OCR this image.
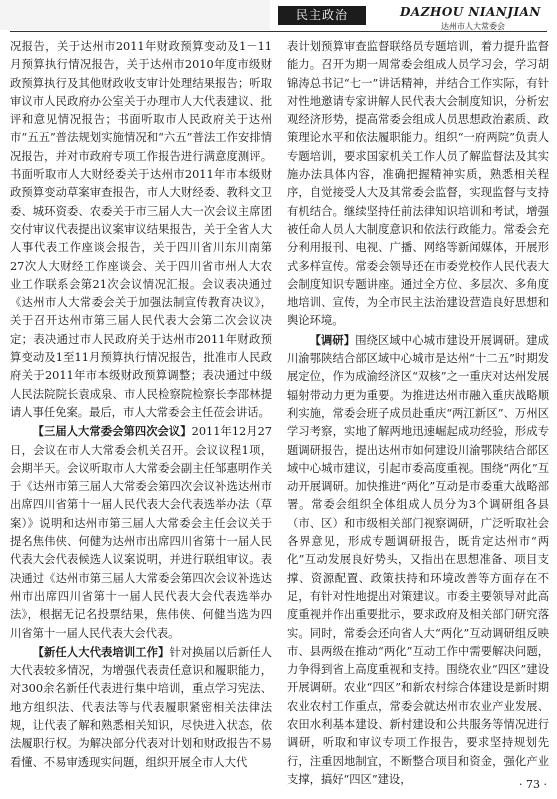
民主政治	DAZHOU NIANJIAN
达州市人大常委会

况报告，关于达州市2011年财政预算变动及1－11月预算执行情况报告，关于达州市2010年度市级财政预算执行及其他财政收支审计处理结果报告；听取审议市人民政府办公室关于办理市人大代表建议、批评和意见情况报告；书面听取市人民政府关于达州市“五五”普法规划实施情况和“六五”普法工作安排情况报告，并对市政府专项工作报告进行满意度测评。书面听取市人大财经委关于达州市2011年市本级财政预算变动草案审查报告，市人大财经委、教科文卫委、城环资委、农委关于市三届人大一次会议主席团交付审议代表提出议案审议结果报告，关于全省人大人事代表工作座谈会报告，关于四川省川东川南第27次人大财经工作座谈会、关于四川省市州人大农业工作联系会第21次会议情况汇报。会议表决通过《达州市人大常委会关于加强法制宣传教育决议》，关于召开达州市第三届人民代表大会第二次会议决定；表决通过市人民政府关于达州市2011年财政预算变动及1至11月预算执行情况报告，批准市人民政府关于2011年市本级财政预算调整；表决通过中级人民法院院长袁成泉、市人民检察院检察长李邵林提请人事任免案。最后，市人大常委会主任莅会讲话。

【三届人大常委会第四次会议】2011年12月27日，会议在市人大常委会机关召开。会议议程1项，会期半天。会议听取市人大常委会副主任邹惠明作关于《达州市第三届人大常委会第四次会议补选达州市出席四川省第十一届人民代表大会代表选举办法（草案）》说明和达州市第三届人大常委会主任会议关于提名焦伟侠、何健为达州市出席四川省第十一届人民代表大会代表候选人议案说明，并进行联组审议。表决通过《达州市第三届人大常委会第四次会议补选达州市出席四川省第十一届人民代表大会代表选举办法》，根据无记名投票结果，焦伟侠、何健当选为四川省第十一届人民代表大会代表。

【新任人大代表培训工作】针对换届以后新任人大代表较多情况，为增强代表责任意识和履职能力，对300余名新任代表进行集中培训，重点学习宪法、地方组织法、代表法等与代表履职紧密相关法律法规，让代表了解和熟悉相关知识，尽快进入状态，依法履职行权。为解决部分代表对计划和财政报告不易看懂、不易审透现实问题，组织开展全市人大代

表计划预算审查监督联络员专题培训，着力提升监督能力。召开为期一周常委会组成人员学习会，学习胡锦涛总书记“七一”讲话精神，并结合工作实际，有针对性地邀请专家讲解人民代表大会制度知识，分析宏观经济形势，提高常委会组成人员思想政治素质、政策理论水平和依法履职能力。组织“一府两院”负责人专题培训，要求国家机关工作人员了解监督法及其实施办法具体内容，准确把握精神实质，熟悉相关程序，自觉接受人大及其常委会监督，实现监督与支持有机结合。继续坚持任前法律知识培训和考试，增强被任命人员人大制度意识和依法行政能力。常委会充分利用报刊、电视、广播、网络等新闻媒体，开展形式多样宣传。常委会领导还在市委党校作人民代表大会制度知识专题讲座。通过全方位、多层次、多角度地培训、宣传，为全市民主法治建设营造良好思想和舆论环境。

【调研】围绕区域中心城市建设开展调研。建成川渝鄂陕结合部区域中心城市是达州“十二五”时期发展定位，作为成渝经济区“双核”之一重庆对达州发展辐射带动力更为重要。为推进达州市融入重庆战略顺利实施，常委会班子成员赴重庆“两江新区”、万州区学习考察，实地了解两地迅速崛起成功经验，形成专题调研报告，提出达州市如何建设川渝鄂陕结合部区域中心城市建议，引起市委高度重视。围绕“两化”互动开展调研。加快推进“两化”互动是市委重大战略部署。常委会组织全体组成人员分为3个调研组各县（市、区）和市级相关部门视察调研，广泛听取社会各界意见，形成专题调研报告，既肯定达州市“两化”互动发展良好势头，又指出在思想准备、项目支撑、资源配置、政策扶持和环境改善等方面存在不足，有针对性地提出对策建议。市委主要领导对此高度重视并作出重要批示，要求政府及相关部门研究落实。同时，常委会还向省人大“两化”互动调研组反映市、县两级在推动“两化”互动工作中需要解决问题，力争得到省上高度重视和支持。围绕农业“四区”建设开展调研。农业“四区”和新农村综合体建设是新时期农业农村工作重点，常委会就达州市农业产业发展、农田水利基本建设、新村建设和公共服务等情况进行调研，听取和审议专项工作报告，要求坚持规划先行，注重因地制宜，不断整合项目和资金，强化产业支撑，搞好“四区”建设，	· 73 ·
